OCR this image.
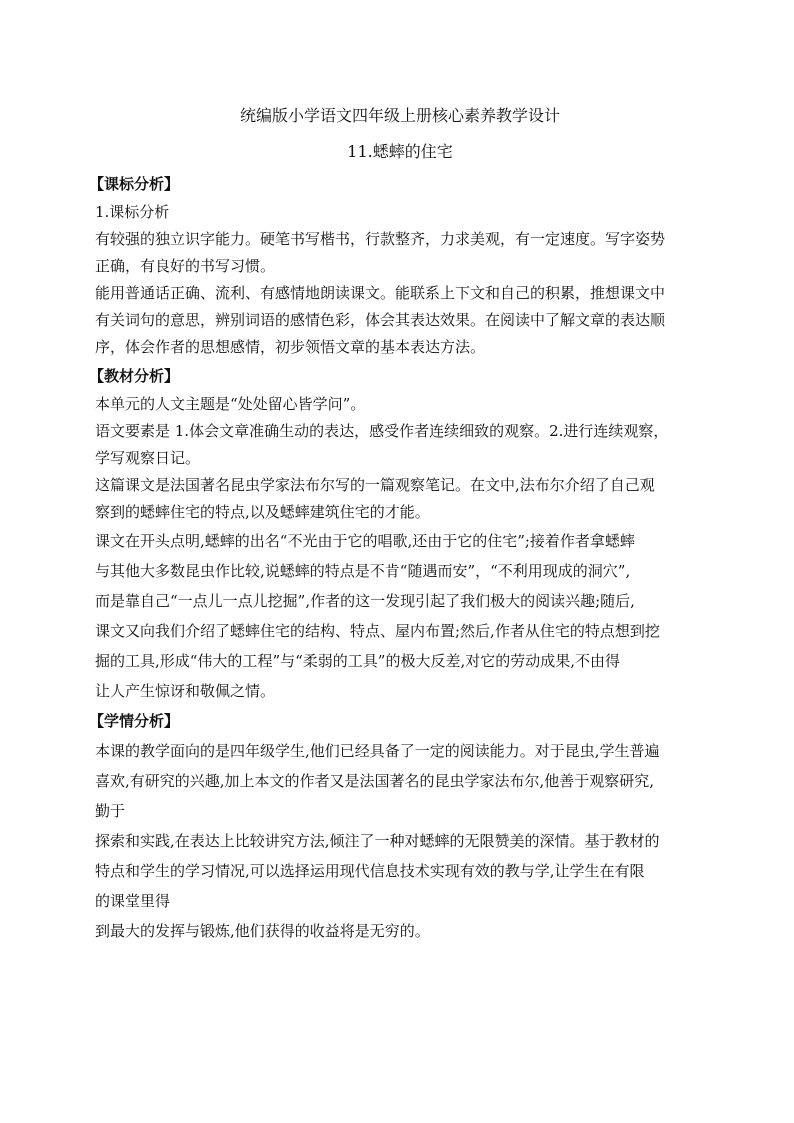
统编版小学语文四年级上册核心素养教学设计

11.蟋蟀的住宅

【课标分析】

1.课标分析

有较强的独立识字能力。硬笔书写楷书，行款整齐，力求美观，有一定速度。写字姿势

正确，有良好的书写习惯。

能用普通话正确、流利、有感情地朗读课文。能联系上下文和自己的积累，推想课文中

有关词句的意思，辨别词语的感情色彩，体会其表达效果。在阅读中了解文章的表达顺

序，体会作者的思想感情，初步领悟文章的基本表达方法。

【教材分析】

本单元的人文主题是“处处留心皆学问”。

语文要素是 1.体会文章准确生动的表达，感受作者连续细致的观察。2.进行连续观察，

学写观察日记。

这篇课文是法国著名昆虫学家法布尔写的一篇观察笔记。在文中,法布尔介绍了自己观

察到的蟋蟀住宅的特点,以及蟋蟀建筑住宅的才能。

课文在开头点明,蟋蟀的出名“不光由于它的唱歌,还由于它的住宅”;接着作者拿蟋蟀

与其他大多数昆虫作比较,说蟋蟀的特点是不肯“随遇而安”，“不利用现成的洞穴”,

而是靠自己“一点儿一点儿挖掘”,作者的这一发现引起了我们极大的阅读兴趣;随后,

课文又向我们介绍了蟋蟀住宅的结构、特点、屋内布置;然后,作者从住宅的特点想到挖

掘的工具,形成“伟大的工程”与“柔弱的工具”的极大反差,对它的劳动成果,不由得

让人产生惊讶和敬佩之情。

【学情分析】

本课的教学面向的是四年级学生,他们已经具备了一定的阅读能力。对于昆虫,学生普遍

喜欢,有研究的兴趣,加上本文的作者又是法国著名的昆虫学家法布尔,他善于观察研究,

勤于

探索和实践,在表达上比较讲究方法,倾注了一种对蟋蟀的无限赞美的深情。基于教材的

特点和学生的学习情况,可以选择运用现代信息技术实现有效的教与学,让学生在有限

的课堂里得

到最大的发挥与锻炼,他们获得的收益将是无穷的。
